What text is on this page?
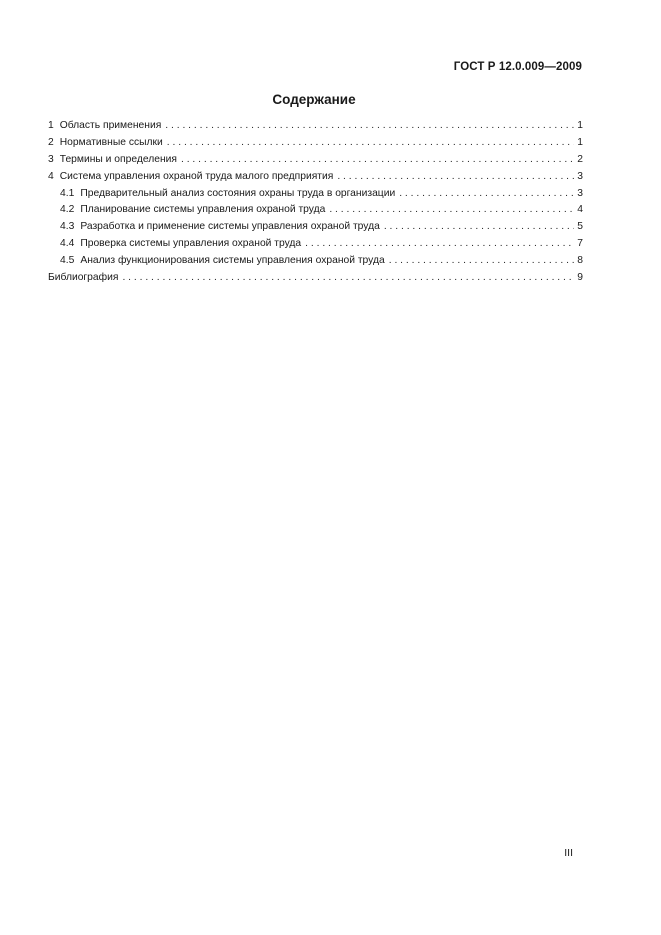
ГОСТ Р 12.0.009—2009
Содержание
1 Область применения . . .	1
2 Нормативные ссылки . . .	1
3 Термины и определения . . .	2
4 Система управления охраной труда малого предприятия . . .	3
4.1 Предварительный анализ состояния охраны труда в организации . . .	3
4.2 Планирование системы управления охраной труда . . .	4
4.3 Разработка и применение системы управления охраной труда . . .	5
4.4 Проверка системы управления охраной труда . . .	7
4.5 Анализ функционирования системы управления охраной труда . . .	8
Библиография . . .	9
III
